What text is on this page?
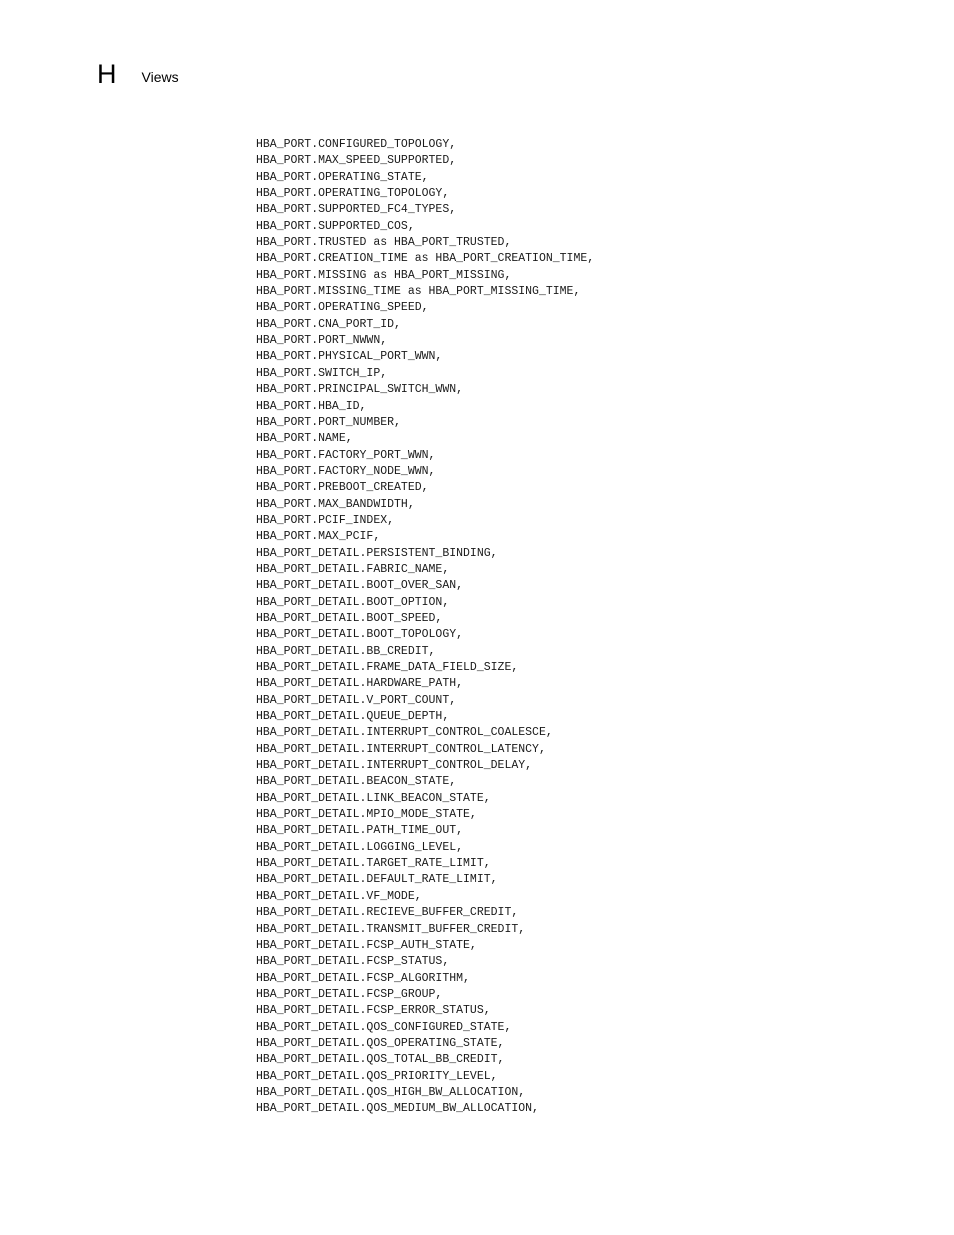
H Views
HBA_PORT.CONFIGURED_TOPOLOGY,
HBA_PORT.MAX_SPEED_SUPPORTED,
HBA_PORT.OPERATING_STATE,
HBA_PORT.OPERATING_TOPOLOGY,
HBA_PORT.SUPPORTED_FC4_TYPES,
HBA_PORT.SUPPORTED_COS,
HBA_PORT.TRUSTED as HBA_PORT_TRUSTED,
HBA_PORT.CREATION_TIME as HBA_PORT_CREATION_TIME,
HBA_PORT.MISSING as HBA_PORT_MISSING,
HBA_PORT.MISSING_TIME as HBA_PORT_MISSING_TIME,
HBA_PORT.OPERATING_SPEED,
HBA_PORT.CNA_PORT_ID,
HBA_PORT.PORT_NWWN,
HBA_PORT.PHYSICAL_PORT_WWN,
HBA_PORT.SWITCH_IP,
HBA_PORT.PRINCIPAL_SWITCH_WWN,
HBA_PORT.HBA_ID,
HBA_PORT.PORT_NUMBER,
HBA_PORT.NAME,
HBA_PORT.FACTORY_PORT_WWN,
HBA_PORT.FACTORY_NODE_WWN,
HBA_PORT.PREBOOT_CREATED,
HBA_PORT.MAX_BANDWIDTH,
HBA_PORT.PCIF_INDEX,
HBA_PORT.MAX_PCIF,
HBA_PORT_DETAIL.PERSISTENT_BINDING,
HBA_PORT_DETAIL.FABRIC_NAME,
HBA_PORT_DETAIL.BOOT_OVER_SAN,
HBA_PORT_DETAIL.BOOT_OPTION,
HBA_PORT_DETAIL.BOOT_SPEED,
HBA_PORT_DETAIL.BOOT_TOPOLOGY,
HBA_PORT_DETAIL.BB_CREDIT,
HBA_PORT_DETAIL.FRAME_DATA_FIELD_SIZE,
HBA_PORT_DETAIL.HARDWARE_PATH,
HBA_PORT_DETAIL.V_PORT_COUNT,
HBA_PORT_DETAIL.QUEUE_DEPTH,
HBA_PORT_DETAIL.INTERRUPT_CONTROL_COALESCE,
HBA_PORT_DETAIL.INTERRUPT_CONTROL_LATENCY,
HBA_PORT_DETAIL.INTERRUPT_CONTROL_DELAY,
HBA_PORT_DETAIL.BEACON_STATE,
HBA_PORT_DETAIL.LINK_BEACON_STATE,
HBA_PORT_DETAIL.MPIO_MODE_STATE,
HBA_PORT_DETAIL.PATH_TIME_OUT,
HBA_PORT_DETAIL.LOGGING_LEVEL,
HBA_PORT_DETAIL.TARGET_RATE_LIMIT,
HBA_PORT_DETAIL.DEFAULT_RATE_LIMIT,
HBA_PORT_DETAIL.VF_MODE,
HBA_PORT_DETAIL.RECIEVE_BUFFER_CREDIT,
HBA_PORT_DETAIL.TRANSMIT_BUFFER_CREDIT,
HBA_PORT_DETAIL.FCSP_AUTH_STATE,
HBA_PORT_DETAIL.FCSP_STATUS,
HBA_PORT_DETAIL.FCSP_ALGORITHM,
HBA_PORT_DETAIL.FCSP_GROUP,
HBA_PORT_DETAIL.FCSP_ERROR_STATUS,
HBA_PORT_DETAIL.QOS_CONFIGURED_STATE,
HBA_PORT_DETAIL.QOS_OPERATING_STATE,
HBA_PORT_DETAIL.QOS_TOTAL_BB_CREDIT,
HBA_PORT_DETAIL.QOS_PRIORITY_LEVEL,
HBA_PORT_DETAIL.QOS_HIGH_BW_ALLOCATION,
HBA_PORT_DETAIL.QOS_MEDIUM_BW_ALLOCATION,
